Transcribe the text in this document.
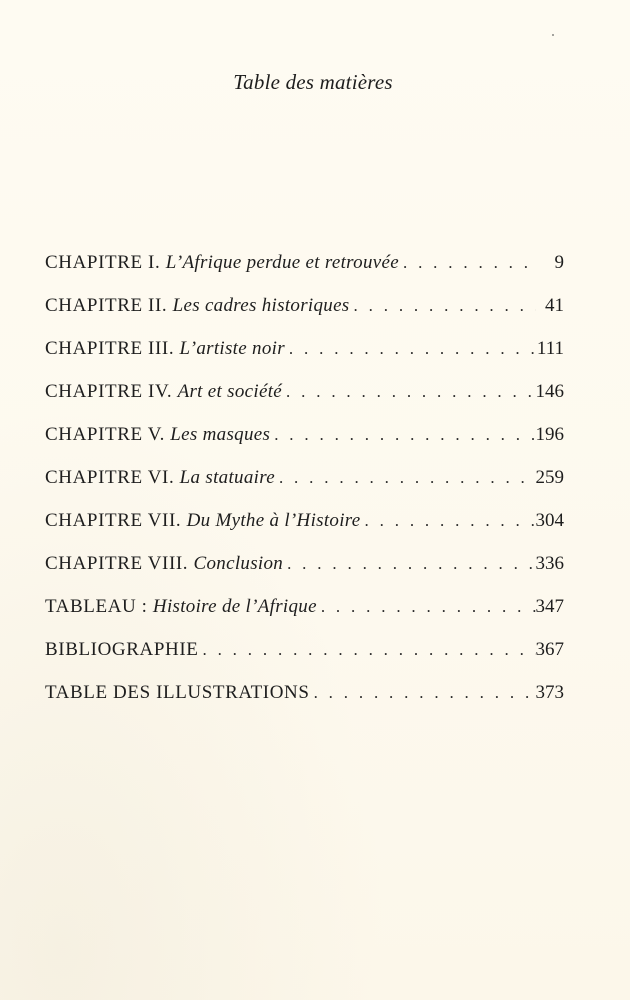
Table des matières
CHAPITRE I. L’Afrique perdue et retrouvée . . .	9
CHAPITRE II. Les cadres historiques . . .	41
CHAPITRE III. L’artiste noir . . .	111
CHAPITRE IV. Art et société . . .	146
CHAPITRE V. Les masques . . .	196
CHAPITRE VI. La statuaire . . .	259
CHAPITRE VII. Du Mythe à l’Histoire . . .	304
CHAPITRE VIII. Conclusion . . .	336
TABLEAU : Histoire de l’Afrique . . .	347
BIBLIOGRAPHIE . . .	367
TABLE DES ILLUSTRATIONS . . .	373
